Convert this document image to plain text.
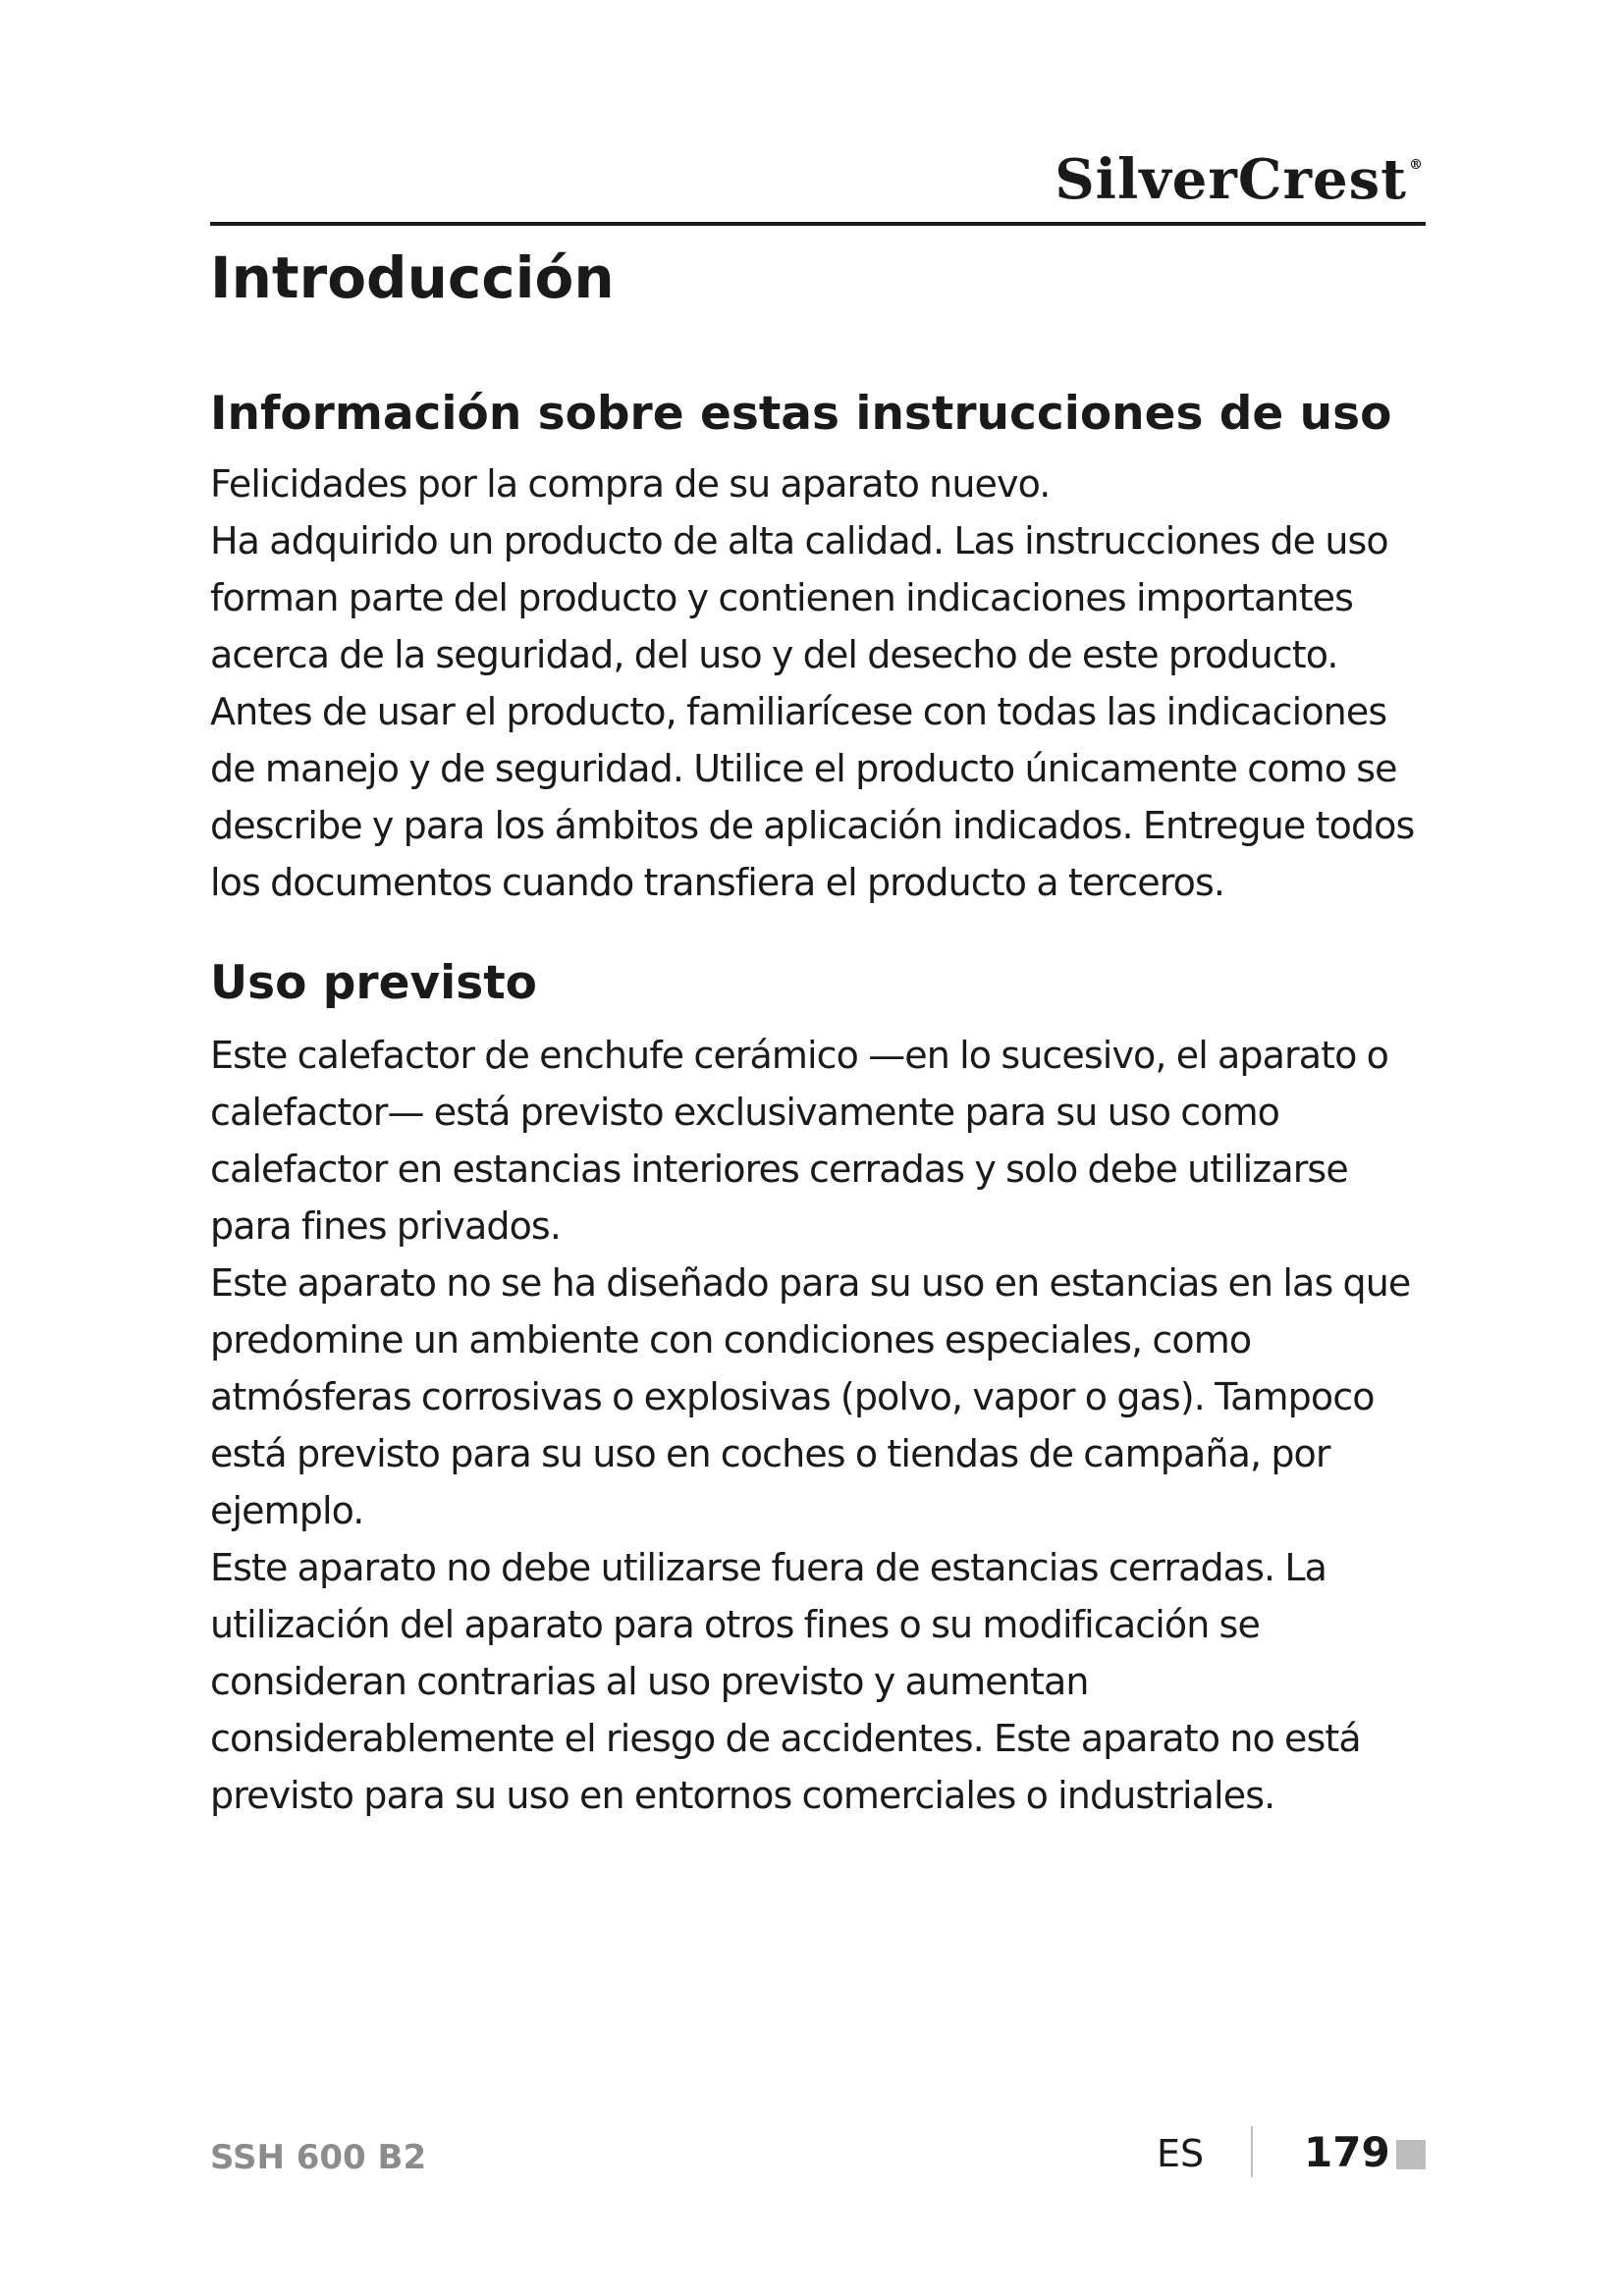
SilverCrest ®
Introducción
Información sobre estas instrucciones de uso

Felicidades por la compra de su aparato nuevo.

Ha adquirido un producto de alta calidad. Las instrucciones de uso forman parte del producto y contienen indicaciones importantes acerca de la seguridad, del uso y del desecho de este producto. Antes de usar el producto, familiarícese con todas las indicaciones de manejo y de seguridad. Utilice el producto únicamente como se describe y para los ámbitos de aplicación indicados. Entregue todos los documentos cuando transfiera el producto a terceros.

Uso previsto

Este calefactor de enchufe cerámico —en lo sucesivo, el aparato o calefactor— está previsto exclusivamente para su uso como calefactor en estancias interiores cerradas y solo debe utilizarse para fines privados.

Este aparato no se ha diseñado para su uso en estancias en las que predomine un ambiente con condiciones especiales, como atmósferas corrosivas o explosivas (polvo, vapor o gas). Tampoco está previsto para su uso en coches o tiendas de campaña, por ejemplo.

Este aparato no debe utilizarse fuera de estancias cerradas. La utilización del aparato para otros fines o su modificación se consideran contrarias al uso previsto y aumentan considerablemente el riesgo de accidentes. Este aparato no está previsto para su uso en entornos comerciales o industriales.

SSH 600 B2	ES 179
